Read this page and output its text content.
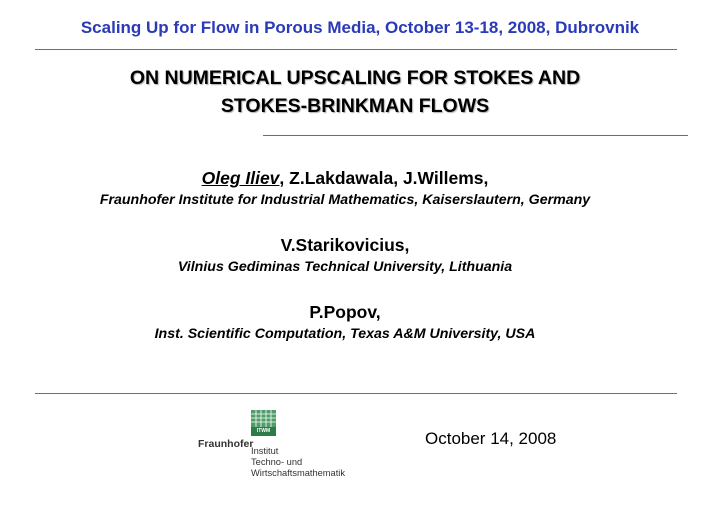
Scaling Up for Flow in Porous Media, October 13-18, 2008, Dubrovnik
ON NUMERICAL UPSCALING FOR STOKES AND
STOKES-BRINKMAN FLOWS
Oleg Iliev, Z.Lakdawala, J.Willems,
Fraunhofer Institute for Industrial Mathematics, Kaiserslautern, Germany
V.Starikovicius,
Vilnius Gediminas Technical University, Lithuania
P.Popov,
Inst. Scientific Computation, Texas A&M University, USA
ITWM
Fraunhofer
Institut
Techno- und
Wirtschaftsmathematik
October 14, 2008
